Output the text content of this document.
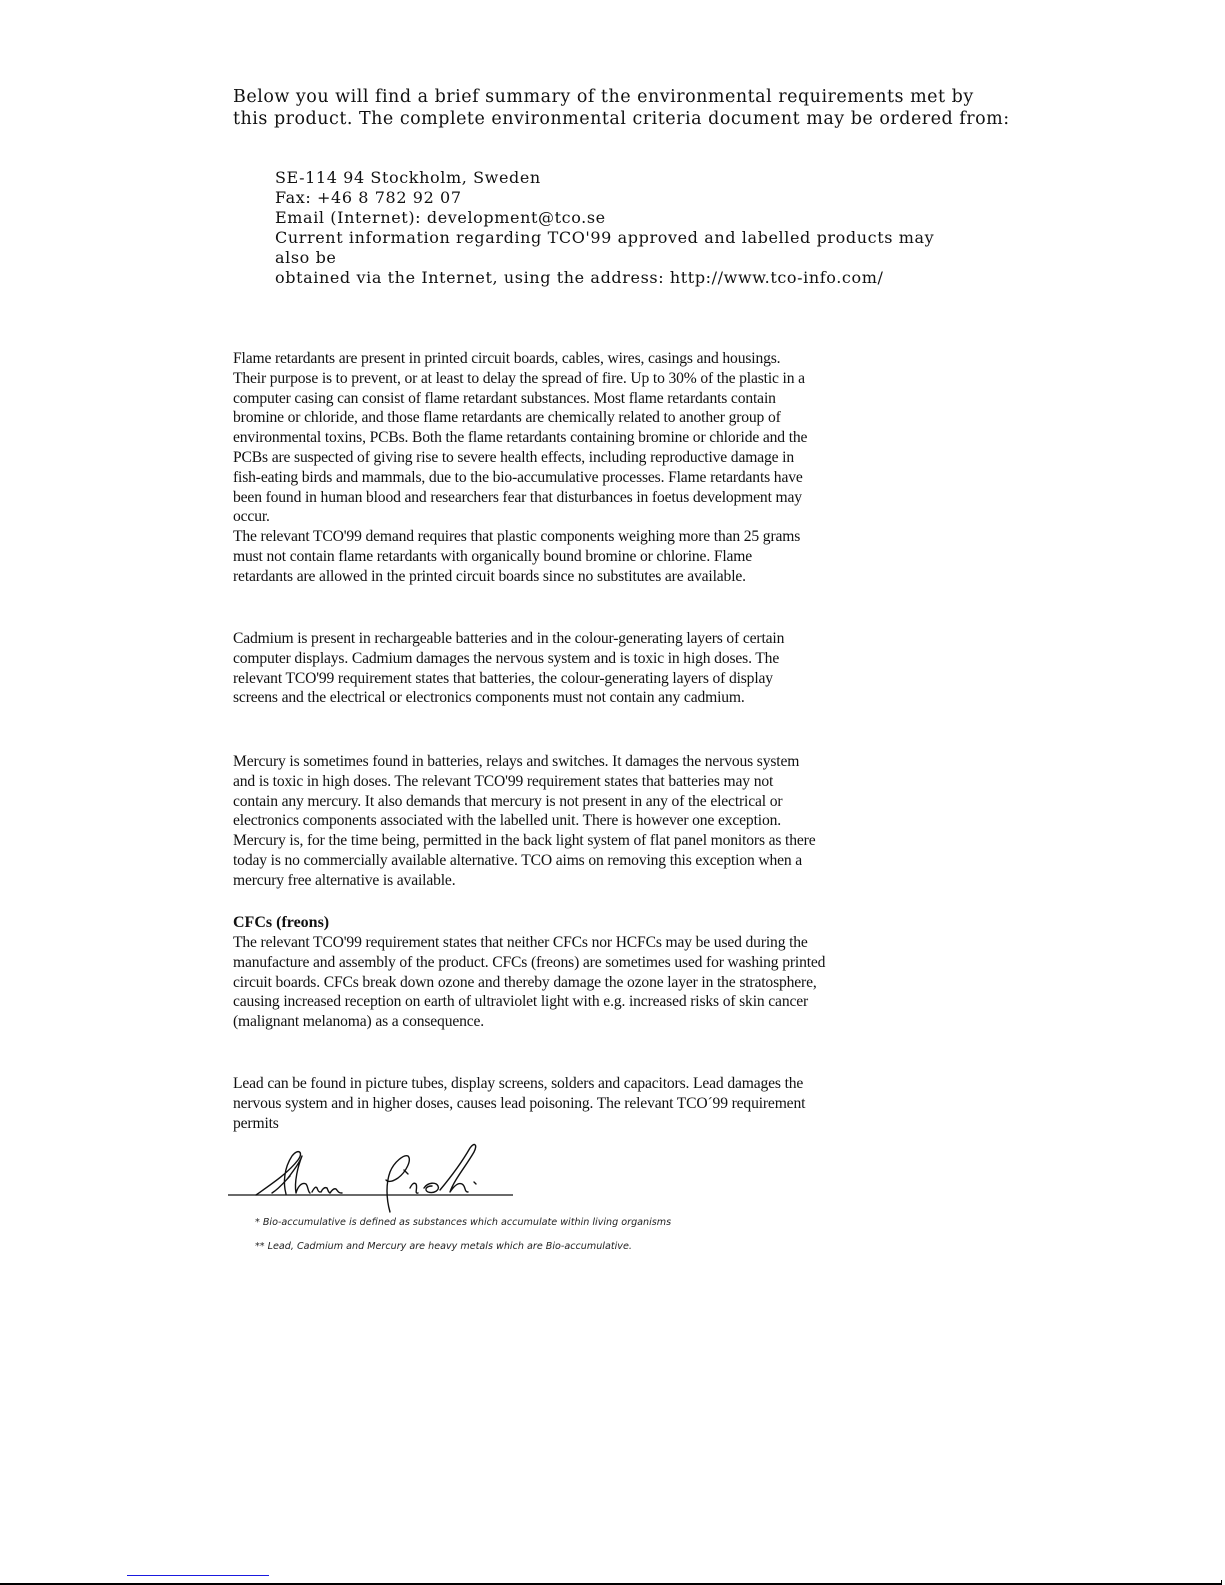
Below you will find a brief summary of the environmental requirements met by
this product. The complete environmental criteria document may be ordered from:
SE-114 94 Stockholm, Sweden
Fax: +46 8 782 92 07
Email (Internet): development@tco.se
Current information regarding TCO'99 approved and labelled products may
also be
obtained via the Internet, using the address: http://www.tco-info.com/
Flame retardants are present in printed circuit boards, cables, wires, casings and housings.
Their purpose is to prevent, or at least to delay the spread of fire. Up to 30% of the plastic in a
computer casing can consist of flame retardant substances. Most flame retardants contain
bromine or chloride, and those flame retardants are chemically related to another group of
environmental toxins, PCBs. Both the flame retardants containing bromine or chloride and the
PCBs are suspected of giving rise to severe health effects, including reproductive damage in
fish-eating birds and mammals, due to the bio-accumulative processes. Flame retardants have
been found in human blood and researchers fear that disturbances in foetus development may
occur.
The relevant TCO'99 demand requires that plastic components weighing more than 25 grams
must not contain flame retardants with organically bound bromine or chlorine. Flame
retardants are allowed in the printed circuit boards since no substitutes are available.
Cadmium is present in rechargeable batteries and in the colour-generating layers of certain
computer displays. Cadmium damages the nervous system and is toxic in high doses. The
relevant TCO'99 requirement states that batteries, the colour-generating layers of display
screens and the electrical or electronics components must not contain any cadmium.
Mercury is sometimes found in batteries, relays and switches. It damages the nervous system
and is toxic in high doses. The relevant TCO'99 requirement states that batteries may not
contain any mercury. It also demands that mercury is not present in any of the electrical or
electronics components associated with the labelled unit. There is however one exception.
Mercury is, for the time being, permitted in the back light system of flat panel monitors as there
today is no commercially available alternative. TCO aims on removing this exception when a
mercury free alternative is available.
CFCs (freons)
The relevant TCO'99 requirement states that neither CFCs nor HCFCs may be used during the
manufacture and assembly of the product. CFCs (freons) are sometimes used for washing printed
circuit boards. CFCs break down ozone and thereby damage the ozone layer in the stratosphere,
causing increased reception on earth of ultraviolet light with e.g. increased risks of skin cancer
(malignant melanoma) as a consequence.
Lead can be found in picture tubes, display screens, solders and capacitors. Lead damages the
nervous system and in higher doses, causes lead poisoning. The relevant TCO´99 requirement
permits
* Bio-accumulative is defined as substances which accumulate within living organisms
** Lead, Cadmium and Mercury are heavy metals which are Bio-accumulative.
